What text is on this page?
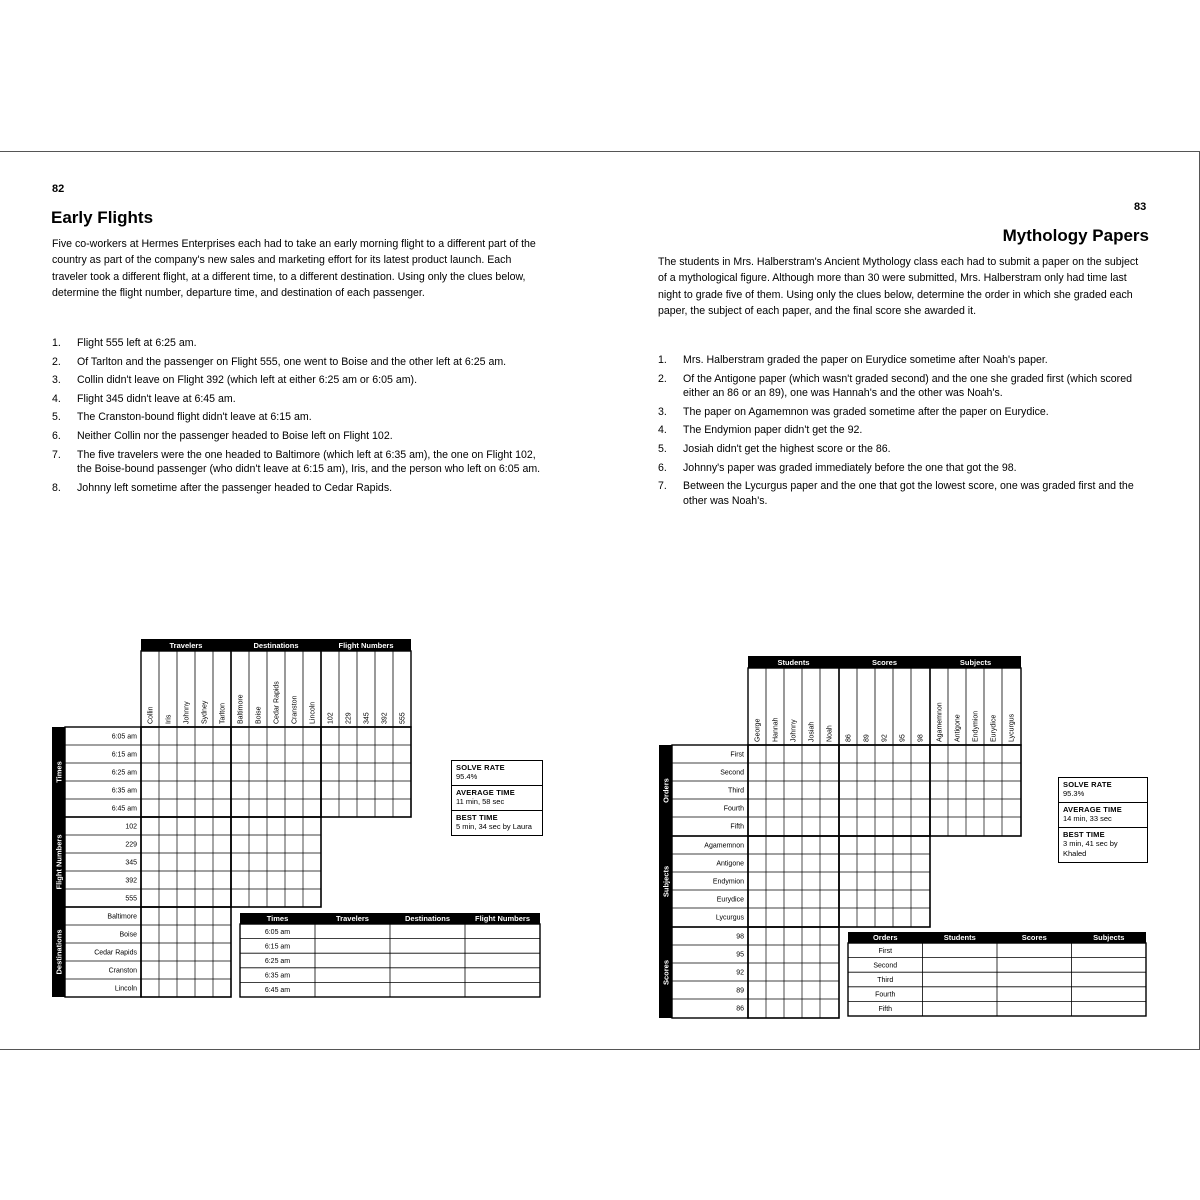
82
Early Flights

Five co-workers at Hermes Enterprises each had to take an early morning flight to a different part of the country as part of the company's new sales and marketing effort for its latest product launch. Each traveler took a different flight, at a different time, to a different destination. Using only the clues below, determine the flight number, departure time, and destination of each passenger.

1. Flight 555 left at 6:25 am.
2. Of Tarlton and the passenger on Flight 555, one went to Boise and the other left at 6:25 am.
3. Collin didn't leave on Flight 392 (which left at either 6:25 am or 6:05 am).
4. Flight 345 didn't leave at 6:45 am.
5. The Cranston-bound flight didn't leave at 6:15 am.
6. Neither Collin nor the passenger headed to Boise left on Flight 102.
7. The five travelers were the one headed to Baltimore (which left at 6:35 am), the one on Flight 102, the Boise-bound passenger (who didn't leave at 6:15 am), Iris, and the person who left on 6:05 am.
8. Johnny left sometime after the passenger headed to Cedar Rapids.
Travelers
Collin Iris Johnny Sydney Tarlton
Destinations
Baltimore Boise Cedar Rapids Cranston Lincoln
Flight Numbers
102 229 345 392 555
Times
6:05 am
6:15 am
6:25 am
6:35 am
6:45 am
Flight Numbers
102
229
345
392
555
Destinations
Baltimore
Boise
Cedar Rapids
Cranston
Lincoln
Times	Travelers	Destinations	Flight Numbers
6:05 am
6:15 am
6:25 am
6:35 am
6:45 am
SOLVE RATE
95.4%
AVERAGE TIME
11 min, 58 sec
BEST TIME
5 min, 34 sec by Laura
83
Mythology Papers

The students in Mrs. Halberstram's Ancient Mythology class each had to submit a paper on the subject of a mythological figure. Although more than 30 were submitted, Mrs. Halberstram only had time last night to grade five of them. Using only the clues below, determine the order in which she graded each paper, the subject of each paper, and the final score she awarded it.

1. Mrs. Halberstram graded the paper on Eurydice sometime after Noah's paper.
2. Of the Antigone paper (which wasn't graded second) and the one she graded first (which scored either an 86 or an 89), one was Hannah's and the other was Noah's.
3. The paper on Agamemnon was graded sometime after the paper on Eurydice.
4. The Endymion paper didn't get the 92.
5. Josiah didn't get the highest score or the 86.
6. Johnny's paper was graded immediately before the one that got the 98.
7. Between the Lycurgus paper and the one that got the lowest score, one was graded first and the other was Noah's.
Students
George Hannah Johnny Josiah Noah
Scores
86 89 92 95 98
Subjects
Agamemnon Antigone Endymion Eurydice Lycurgus
Orders
First
Second
Third
Fourth
Fifth
Subjects
Agamemnon
Antigone
Endymion
Eurydice
Lycurgus
Scores
98
95
92
89
86
Orders	Students	Scores	Subjects
First
Second
Third
Fourth
Fifth
SOLVE RATE
95.3%
AVERAGE TIME
14 min, 33 sec
BEST TIME
3 min, 41 sec by Khaled
